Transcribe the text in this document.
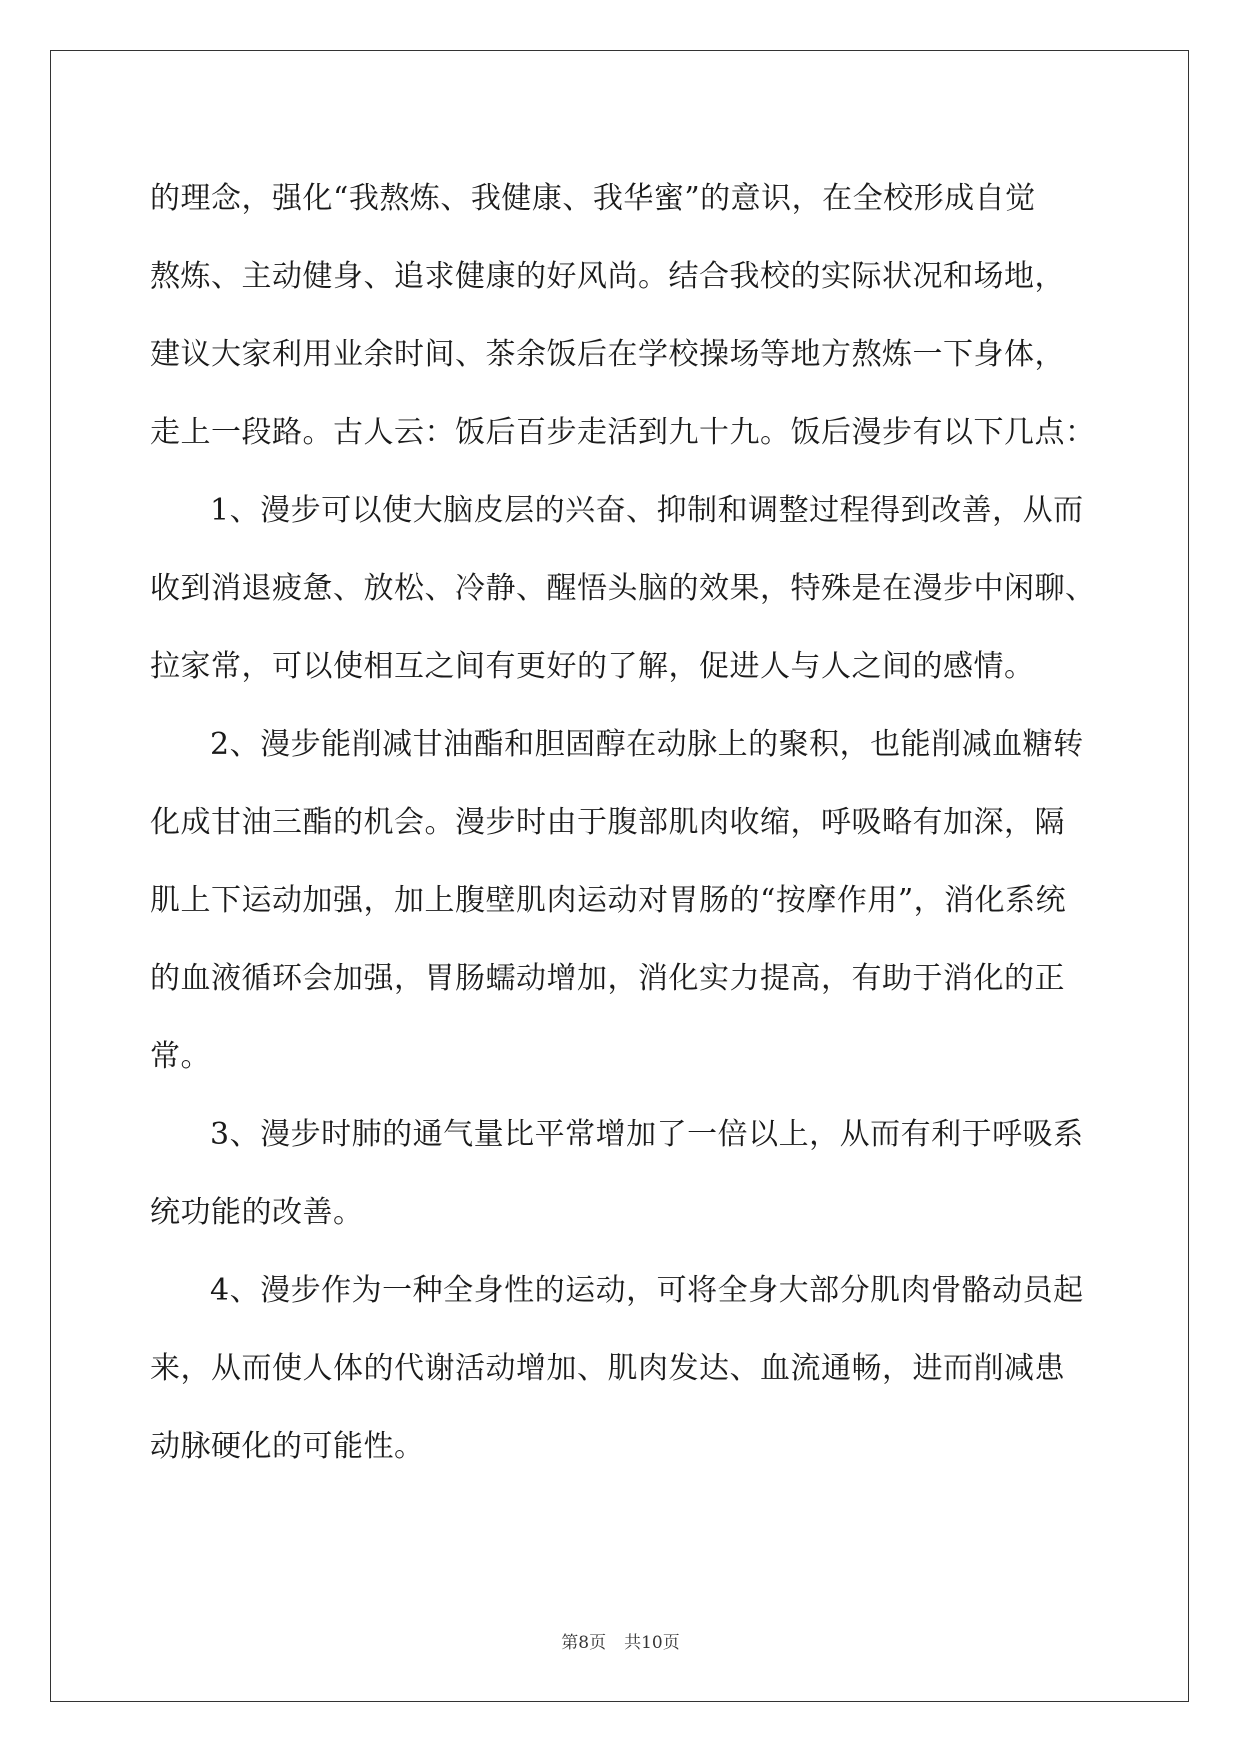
的理念，强化“我熬炼、我健康、我华蜜”的意识，在全校形成自觉
熬炼、主动健身、追求健康的好风尚。结合我校的实际状况和场地，
建议大家利用业余时间、茶余饭后在学校操场等地方熬炼一下身体，
走上一段路。古人云：饭后百步走活到九十九。饭后漫步有以下几点：
1、漫步可以使大脑皮层的兴奋、抑制和调整过程得到改善，从而
收到消退疲惫、放松、冷静、醒悟头脑的效果，特殊是在漫步中闲聊、
拉家常，可以使相互之间有更好的了解，促进人与人之间的感情。
2、漫步能削减甘油酯和胆固醇在动脉上的聚积，也能削减血糖转
化成甘油三酯的机会。漫步时由于腹部肌肉收缩，呼吸略有加深，隔
肌上下运动加强，加上腹壁肌肉运动对胃肠的“按摩作用”，消化系统
的血液循环会加强，胃肠蠕动增加，消化实力提高，有助于消化的正
常。
3、漫步时肺的通气量比平常增加了一倍以上，从而有利于呼吸系
统功能的改善。
4、漫步作为一种全身性的运动，可将全身大部分肌肉骨骼动员起
来，从而使人体的代谢活动增加、肌肉发达、血流通畅，进而削减患
动脉硬化的可能性。
第8页 共10页
